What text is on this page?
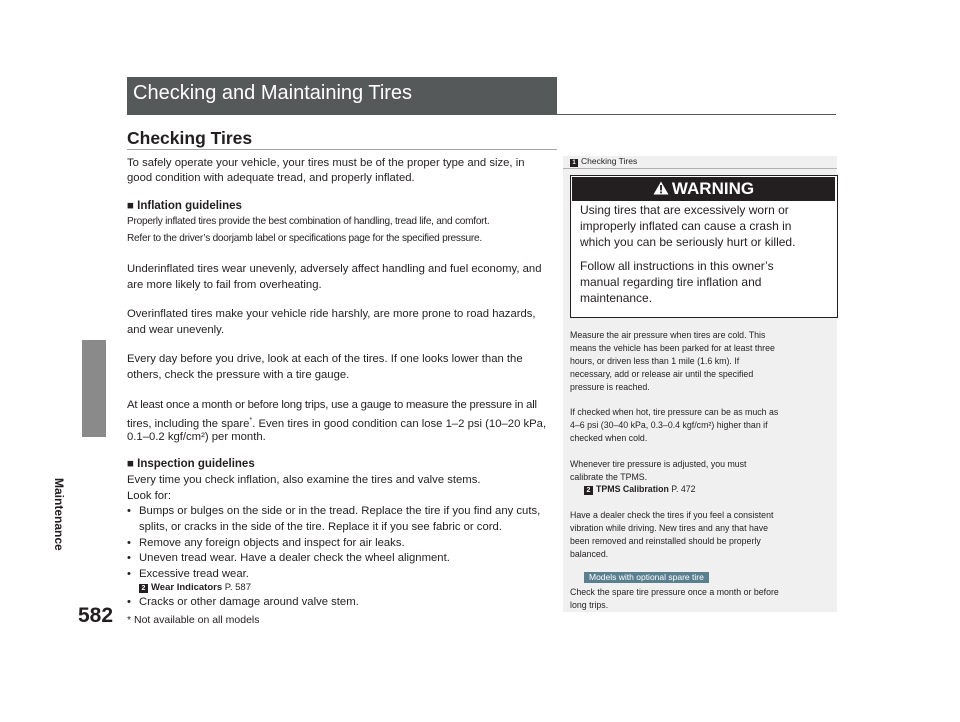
Maintenance
582
Checking and Maintaining Tires
Checking Tires
To safely operate your vehicle, your tires must be of the proper type and size, in
good condition with adequate tread, and properly inflated.
■ Inflation guidelines
Properly inflated tires provide the best combination of handling, tread life, and comfort.
Refer to the driver’s doorjamb label or specifications page for the specified pressure.
Underinflated tires wear unevenly, adversely affect handling and fuel economy, and
are more likely to fail from overheating.
Overinflated tires make your vehicle ride harshly, are more prone to road hazards,
and wear unevenly.
Every day before you drive, look at each of the tires. If one looks lower than the
others, check the pressure with a tire gauge.
At least once a month or before long trips, use a gauge to measure the pressure in all
tires, including the spare*. Even tires in good condition can lose 1–2 psi (10–20 kPa,
0.1–0.2 kgf/cm²) per month.
■ Inspection guidelines
Every time you check inflation, also examine the tires and valve stems.
Look for:
• Bumps or bulges on the side or in the tread. Replace the tire if you find any cuts,
splits, or cracks in the side of the tire. Replace it if you see fabric or cord.
• Remove any foreign objects and inspect for air leaks.
• Uneven tread wear. Have a dealer check the wheel alignment.
• Excessive tread wear.
2 Wear Indicators P. 587
• Cracks or other damage around valve stem.
* Not available on all models
1 Checking Tires
WARNING
Using tires that are excessively worn or
improperly inflated can cause a crash in
which you can be seriously hurt or killed.
Follow all instructions in this owner’s
manual regarding tire inflation and
maintenance.
Measure the air pressure when tires are cold. This
means the vehicle has been parked for at least three
hours, or driven less than 1 mile (1.6 km). If
necessary, add or release air until the specified
pressure is reached.
If checked when hot, tire pressure can be as much as
4–6 psi (30–40 kPa, 0.3–0.4 kgf/cm²) higher than if
checked when cold.
Whenever tire pressure is adjusted, you must
calibrate the TPMS.
2 TPMS Calibration P. 472
Have a dealer check the tires if you feel a consistent
vibration while driving. New tires and any that have
been removed and reinstalled should be properly
balanced.
Models with optional spare tire
Check the spare tire pressure once a month or before
long trips.
